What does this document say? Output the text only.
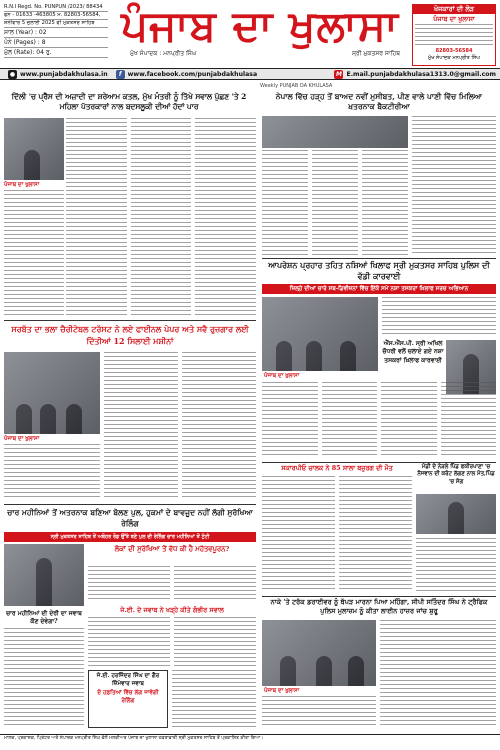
R.N.I Regd. No. PUNPUN /2023/ 88434
ਫੋਨ - 01633 -463805 ਮੋ. 82803-56584,
ਸ਼ਨੀਵਾਰ 5 ਜੁਲਾਈ 2025 ਵੀ ਮੁਕਤਸਰ ਸਾਹਿਬ
ਸਾਲ (Year) : 02
ਪੰਨੇ (Pages) : 8
ਮੁੱਲ (Rate): 04 ਰੁ.
ਪੰਜਾਬ ਦਾ ਖੁਲਾਸਾ
ਮੁੱਖ ਸੰਪਾਦਕ : ਮਨਪ੍ਰੀਤ ਸਿੰਘ	ਸ੍ਰੀ ਮੁਕਤਸਰ ਸਾਹਿਬ
ਖੋਜਕਾਰਾਂ ਦੀ ਲੋੜ
ਪੰਜਾਬ ਦਾ ਖੁਲਾਸਾ
82803-56584
ਮੁੱਖ ਸੰਪਾਦਕ ਮਨਪ੍ਰੀਤ ਸਿੰਘ
● www.punjabdakhulasa.in	f www.facebook.com/punjabdakhulasa	M E.mail.punjabdakhulasa1313.0@gmail.com
Weekly PUNJAB DA KHULASA
ਦਿੱਲੀ 'ਚ ਪ੍ਰੈੱਸ ਦੀ ਅਜ਼ਾਦੀ ਦਾ ਸ਼ਰੇਆਮ ਕਤਲ, ਮੁੱਖ ਮੰਤਰੀ ਨੂੰ ਤਿੱਖੇ ਸਵਾਲ ਪੁੱਛਣ 'ਤੇ 2 ਮਹਿਲਾ ਪੱਤਰਕਾਰਾਂ ਨਾਲ ਬਦਸਲੂਕੀ ਦੀਆਂ ਹੱਦਾਂ ਪਾਰ
ਪੰਜਾਬ ਦਾ ਖੁਲਾਸਾ
ਨੇਪਾਲ ਵਿੱਚ ਹੜ੍ਹ ਤੋਂ ਬਾਅਦ ਨਵੀਂ ਮੁਸੀਬਤ, ਪੀਣ ਵਾਲੇ ਪਾਣੀ ਵਿੱਚ ਮਿਲਿਆ ਖ਼ਤਰਨਾਕ ਬੈਕਟੀਰੀਆ
ਸਰਬੱਤ ਦਾ ਭਲਾ ਚੈਰੀਟੇਬਲ ਟਰੱਸਟ ਨੇ ਲਏ ਫਾਈਨਲ ਪੇਪਰ ਅਤੇ ਸਵੈ ਰੁਜ਼ਗਾਰ ਲਈ ਦਿੱਤੀਆਂ 12 ਸਿਲਾਈ ਮਸ਼ੀਨਾਂ
ਪੰਜਾਬ ਦਾ ਖੁਲਾਸਾ
ਆਪਰੇਸ਼ਨ ਪ੍ਰਹਾਰ ਤਹਿਤ ਨਸ਼ਿਆਂ ਖਿਲਾਫ ਸ੍ਰੀ ਮੁਕਤਸਰ ਸਾਹਿਬ ਪੁਲਿਸ ਦੀ ਵੱਡੀ ਕਾਰਵਾਈ
ਜ਼ਿਲ੍ਹੇ ਦੀਆਂ ਚਾਰੇ ਸਬ-ਡਿਵੀਜ਼ਨਾਂ ਵਿੱਚ ਇੱਕੋ ਸਮੇਂ ਨਸ਼ਾ ਤਸਕਰਾਂ ਖ਼ਿਲਾਫ ਸਰਚ ਅਭਿਆਨ
ਪੰਜਾਬ ਦਾ ਖੁਲਾਸਾ
ਐੱਸ.ਐੱਸ.ਪੀ. ਸ੍ਰੀ ਅਖਿਲ ਚੌਧਰੀ ਵਲੋਂ ਚਲਾਏ ਗਏ ਨਸ਼ਾ ਤਸਕਰਾਂ ਖ਼ਿਲਾਫ ਕਾਰਵਾਈ
ਚਾਰ ਮਹੀਨਿਆਂ ਤੋਂ ਅਤਰਨਾਕ ਬਣਿਆ ਬੋਲਣ ਪੁਲ, ਹੁਕਮਾਂ ਦੇ ਬਾਵਜੂਦ ਨਹੀਂ ਲੱਗੀ ਸੁਰੱਖਿਆ ਰੇਲਿੰਗ
ਸ੍ਰੀ ਮੁਕਤਸਰ ਸਾਹਿਬ ਤੋਂ ਅਬੋਹਰ ਰੋਡ ਉੱਤੇ ਬਣੇ ਪੁਲ ਦੀ ਰੇਲਿੰਗ ਚਾਰ ਮਹੀਨਿਆਂ ਤੋਂ ਟੁੱਟੀ
ਲੋਕਾਂ ਦੀ ਸੁਰੱਖਿਆ ਤੋਂ ਵੱਧ ਕੀ ਹੈ ਮਹੱਤਵਪੂਰਨ?
ਚਾਰ ਮਹੀਨਿਆਂ ਦੀ ਦੇਰੀ ਦਾ ਜਵਾਬ ਕੌਣ ਦੇਵੇਗਾ?
ਜੇ.ਈ. ਦੇ ਜਵਾਬ ਨੇ ਖੜ੍ਹੇ ਕੀਤੇ ਗੰਭੀਰ ਸਵਾਲ
ਜੇ.ਈ. ਹਰਜਿੰਦਰ ਸਿੰਘ ਦਾ ਗੈਰ ਜ਼ਿੰਮੇਵਾਰ ਜਵਾਬ
ਦੋ ਹਫ਼ਤਿਆਂ ਵਿੱਚ ਲੱਗ ਜਾਵੇਗੀ ਰੇਲਿੰਗ
ਸਕਾਰਪੀਓ ਚਾਲਕ ਨੇ 85 ਸਾਲਾ ਬਜ਼ੁਰਗ ਦੀ ਮੌਤ	ਮੰਡੀ ਦੇ ਨੇੜਲੇ ਪਿੰਡ ਫਕੀਰਪਾਣਾ 'ਚ ਨੌਜਵਾਨ ਦੀ ਕਰੰਟ ਲੱਗਣ ਨਾਲ ਮੌਤ,ਪਿੰਡ 'ਚ ਸੋਗ
ਨਾਕੇ 'ਤੇ ਟਰੱਕ ਡਰਾਈਵਰ ਨੂੰ ਥੱਪੜ ਮਾਰਨਾ ਪਿਆ ਮਹਿੰਗਾ, ਸੀਪੀ ਸਤਿੰਦਰ ਸਿੰਘ ਨੇ ਟ੍ਰੈਫਿਕ ਪੁਲਿਸ ਮੁਲਾਜ਼ਮ ਨੂੰ ਕੀਤਾ ਲਾਈਨ ਹਾਜ਼ਰ ਜਾਂਚ ਸ਼ੁਰੂ
ਪੰਜਾਬ ਦਾ ਖੁਲਾਸਾ
ਮਾਲਕ, ਪ੍ਰਕਾਸ਼ਕ, ਪ੍ਰਿੰਟਰ ਅਤੇ ਸੰਪਾਦਕ ਮਨਪ੍ਰੀਤ ਸਿੰਘ ਵੱਲੋਂ ਮਲਕੀਅਤ ਪੰਜਾਬ ਦਾ ਖੁਲਾਸਾ ਹਫ਼ਤਾਵਾਰੀ ਸ੍ਰੀ ਮੁਕਤਸਰ ਸਾਹਿਬ ਤੋਂ ਪ੍ਰਕਾਸ਼ਿਤ ਕੀਤਾ ਗਿਆ।
